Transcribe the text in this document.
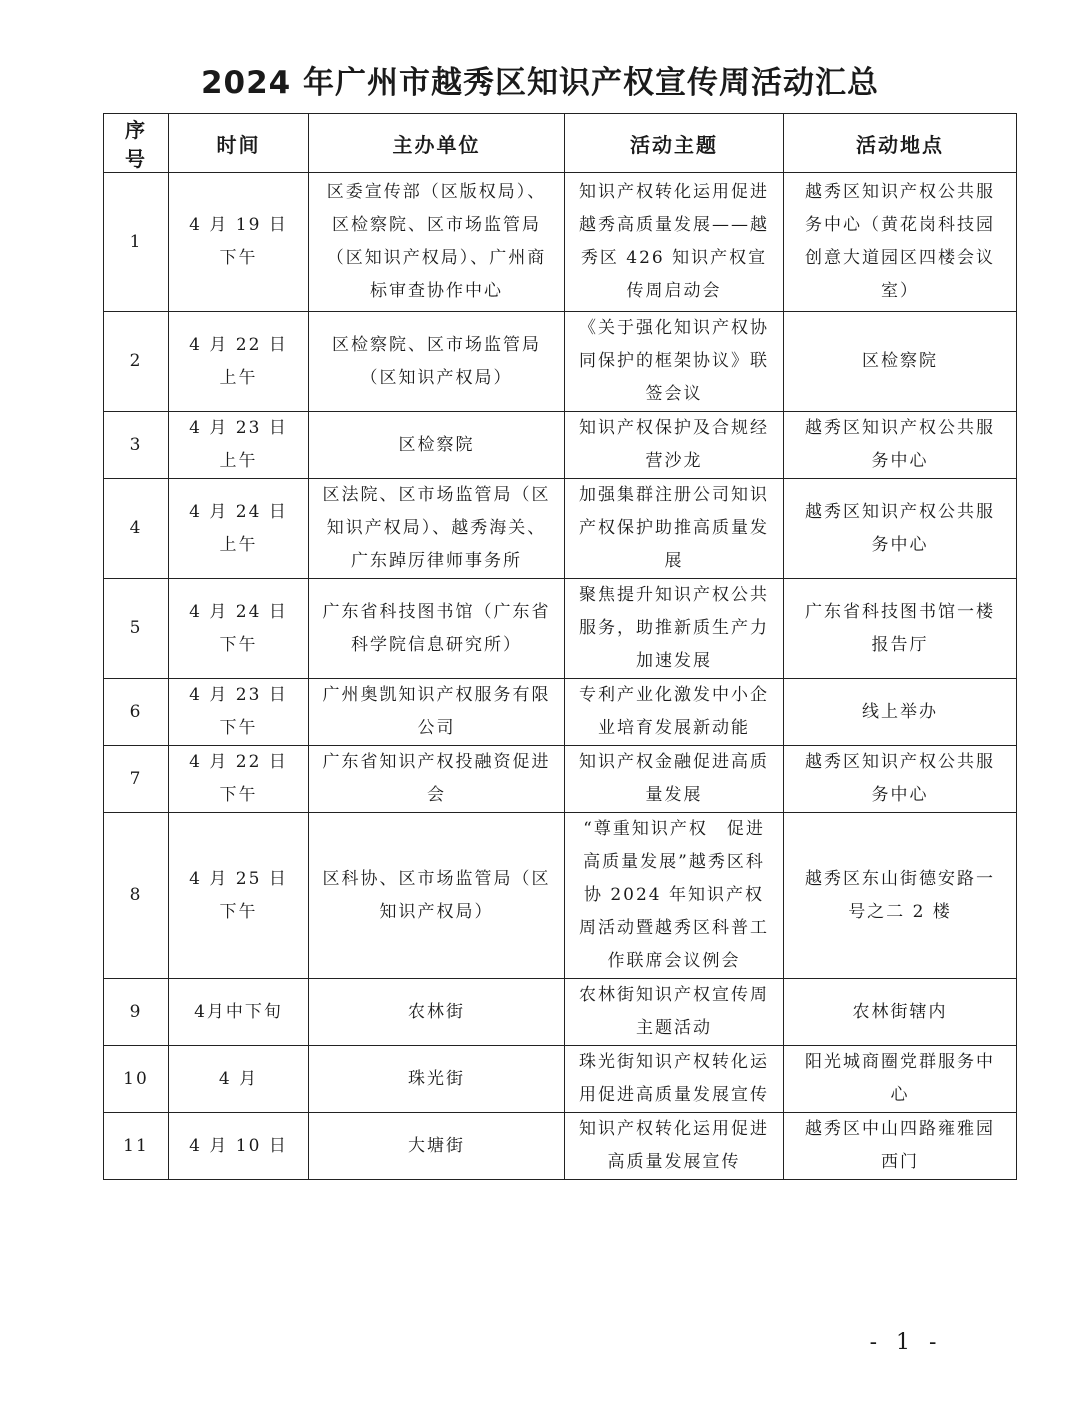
2024 年广州市越秀区知识产权宣传周活动汇总
序号	时间	主办单位	活动主题	活动地点
1	4 月 19 日下午	区委宣传部（区版权局）、区检察院、区市场监管局（区知识产权局）、广州商标审查协作中心	知识产权转化运用促进越秀高质量发展——越秀区 426 知识产权宣传周启动会	越秀区知识产权公共服务中心（黄花岗科技园创意大道园区四楼会议室）
2	4 月 22 日上午	区检察院、区市场监管局（区知识产权局）	《关于强化知识产权协同保护的框架协议》联签会议	区检察院
3	4 月 23 日上午	区检察院	知识产权保护及合规经营沙龙	越秀区知识产权公共服务中心
4	4 月 24 日上午	区法院、区市场监管局（区知识产权局）、越秀海关、广东踔厉律师事务所	加强集群注册公司知识产权保护助推高质量发展	越秀区知识产权公共服务中心
5	4 月 24 日下午	广东省科技图书馆（广东省科学院信息研究所）	聚焦提升知识产权公共服务，助推新质生产力加速发展	广东省科技图书馆一楼报告厅
6	4 月 23 日下午	广州奥凯知识产权服务有限公司	专利产业化激发中小企业培育发展新动能	线上举办
7	4 月 22 日下午	广东省知识产权投融资促进会	知识产权金融促进高质量发展	越秀区知识产权公共服务中心
8	4 月 25 日下午	区科协、区市场监管局（区知识产权局）	“尊重知识产权　促进高质量发展”越秀区科协 2024 年知识产权周活动暨越秀区科普工作联席会议例会	越秀区东山街德安路一号之二 2 楼
9	4月中下旬	农林街	农林街知识产权宣传周主题活动	农林街辖内
10	4 月	珠光街	珠光街知识产权转化运用促进高质量发展宣传	阳光城商圈党群服务中心
11	4 月 10 日	大塘街	知识产权转化运用促进高质量发展宣传	越秀区中山四路雍雅园西门
- 1 -
